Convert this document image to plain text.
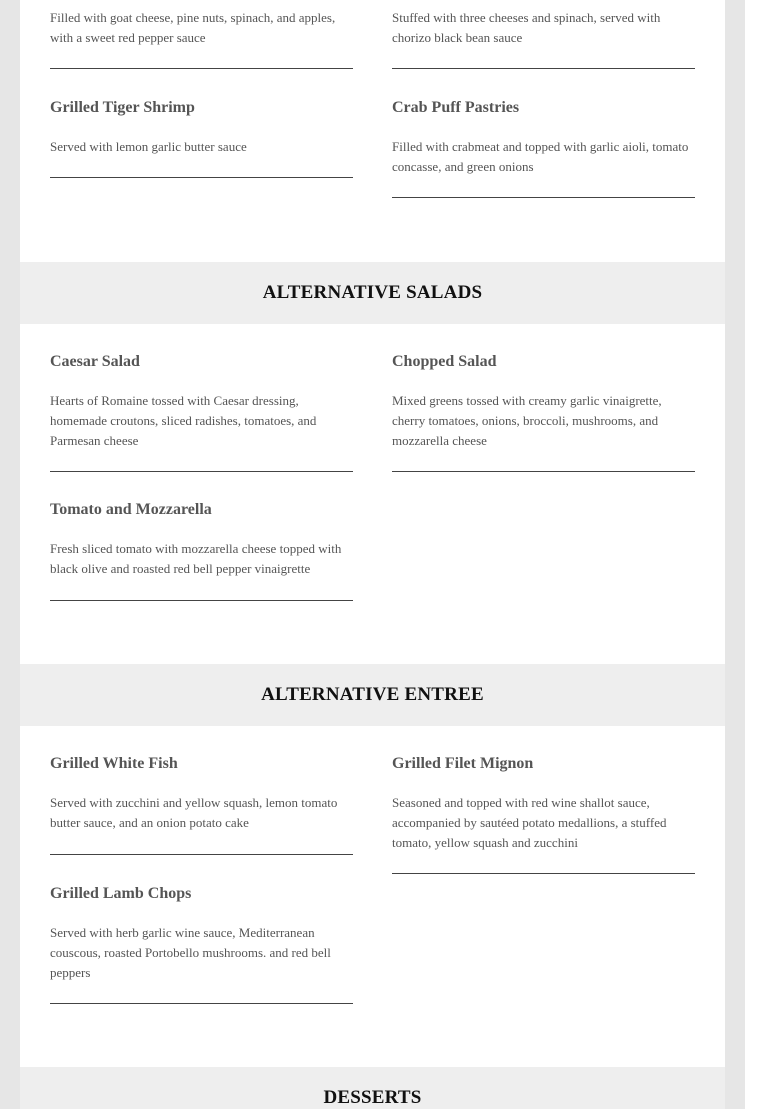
Filled with goat cheese, pine nuts, spinach, and apples, with a sweet red pepper sauce

Grilled Tiger Shrimp

Served with lemon garlic butter sauce

Stuffed with three cheeses and spinach, served with chorizo black bean sauce

Crab Puff Pastries

Filled with crabmeat and topped with garlic aioli, tomato concasse, and green onions

ALTERNATIVE SALADS

Caesar Salad

Hearts of Romaine tossed with Caesar dressing, homemade croutons, sliced radishes, tomatoes, and Parmesan cheese

Tomato and Mozzarella

Fresh sliced tomato with mozzarella cheese topped with black olive and roasted red bell pepper vinaigrette

Chopped Salad

Mixed greens tossed with creamy garlic vinaigrette, cherry tomatoes, onions, broccoli, mushrooms, and mozzarella cheese

ALTERNATIVE ENTREE

Grilled White Fish

Served with zucchini and yellow squash, lemon tomato butter sauce, and an onion potato cake

Grilled Lamb Chops

Served with herb garlic wine sauce, Mediterranean couscous, roasted Portobello mushrooms. and red bell peppers

Grilled Filet Mignon

Seasoned and topped with red wine shallot sauce, accompanied by sautéed potato medallions, a stuffed tomato, yellow squash and zucchini

DESSERTS
